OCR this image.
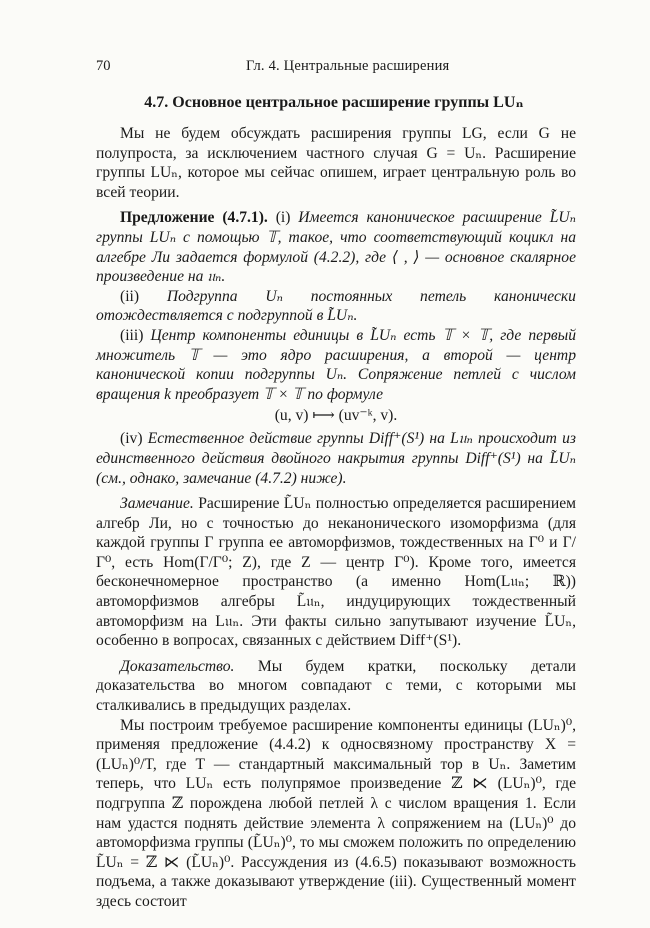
70	Гл. 4. Центральные расширения
4.7. Основное центральное расширение группы LUₙ

Мы не будем обсуждать расширения группы LG, если G не полупроста, за исключением частного случая G = Uₙ. Расширение группы LUₙ, которое мы сейчас опишем, играет центральную роль во всей теории.

Предложение (4.7.1). (i) Имеется каноническое расширение L̃Uₙ группы LUₙ с помощью 𝕋, такое, что соответствующий коцикл на алгебре Ли задается формулой (4.2.2), где ⟨ , ⟩ — основное скалярное произведение на 𝔲ₙ.

(ii) Подгруппа Uₙ постоянных петель канонически отождествляется с подгруппой в L̃Uₙ.

(iii) Центр компоненты единицы в L̃Uₙ есть 𝕋 × 𝕋, где первый множитель 𝕋 — это ядро расширения, а второй — центр канонической копии подгруппы Uₙ. Сопряжение петлей с числом вращения k преобразует 𝕋 × 𝕋 по формуле

(u, v) ⟼ (uv⁻ᵏ, v).

(iv) Естественное действие группы Diff⁺(S¹) на L𝔲ₙ происходит из единственного действия двойного накрытия группы Diff⁺(S¹) на L̃Uₙ (см., однако, замечание (4.7.2) ниже).

Замечание. Расширение L̃Uₙ полностью определяется расширением алгебр Ли, но с точностью до неканонического изоморфизма (для каждой группы Γ группа ее автоморфизмов, тождественных на Γ⁰ и Γ/Γ⁰, есть Hom(Γ/Γ⁰; Z), где Z — центр Γ⁰). Кроме того, имеется бесконечномерное пространство (а именно Hom(L𝔲ₙ; ℝ)) автоморфизмов алгебры L̃𝔲ₙ, индуцирующих тождественный автоморфизм на L𝔲ₙ. Эти факты сильно запутывают изучение L̃Uₙ, особенно в вопросах, связанных с действием Diff⁺(S¹).

Доказательство. Мы будем кратки, поскольку детали доказательства во многом совпадают с теми, с которыми мы сталкивались в предыдущих разделах.

Мы построим требуемое расширение компоненты единицы (LUₙ)⁰, применяя предложение (4.4.2) к односвязному пространству X = (LUₙ)⁰/T, где T — стандартный максимальный тор в Uₙ. Заметим теперь, что LUₙ есть полупрямое произведение ℤ ⋉ (LUₙ)⁰, где подгруппа ℤ порождена любой петлей λ с числом вращения 1. Если нам удастся поднять действие элемента λ сопряжением на (LUₙ)⁰ до автоморфизма группы (L̃Uₙ)⁰, то мы сможем положить по определению L̃Uₙ = ℤ ⋉ (L̃Uₙ)⁰. Рассуждения из (4.6.5) показывают возможность подъема, а также доказывают утверждение (iii). Существенный момент здесь состоит
